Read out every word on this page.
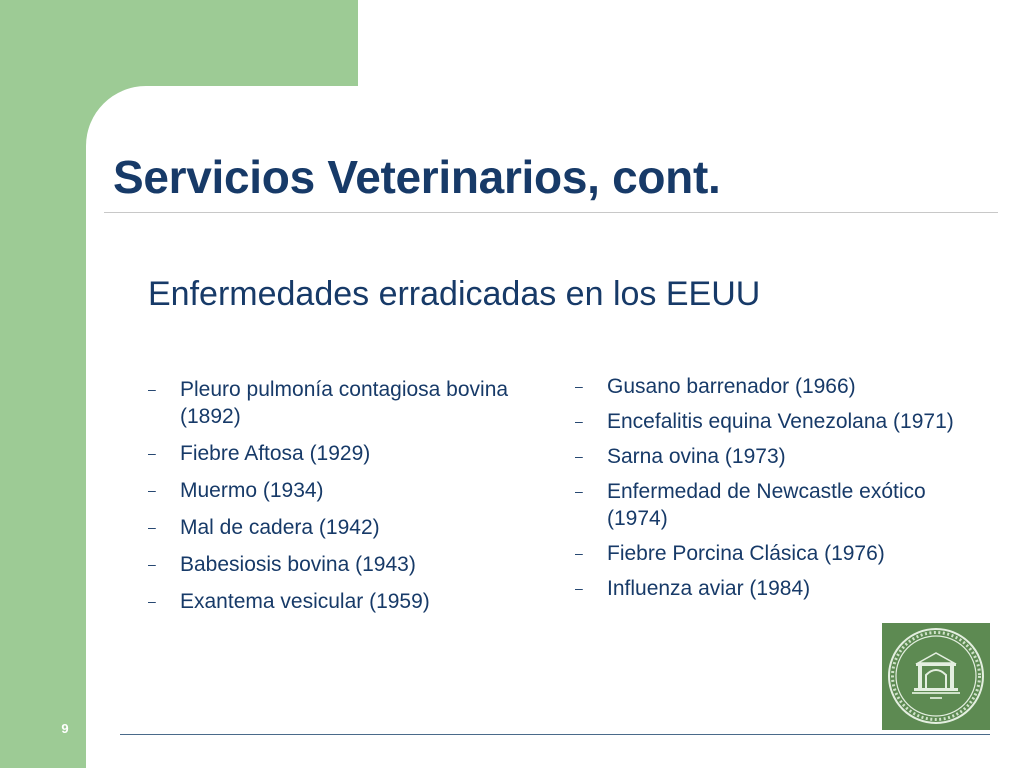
Servicios Veterinarios, cont.
Enfermedades erradicadas en los EEUU
– Pleuro pulmonía contagiosa bovina (1892)
– Fiebre Aftosa (1929)
– Muermo (1934)
– Mal de cadera (1942)
– Babesiosis bovina (1943)
– Exantema vesicular (1959)
– Gusano barrenador (1966)
– Encefalitis equina Venezolana (1971)
– Sarna ovina (1973)
– Enfermedad de Newcastle exótico (1974)
– Fiebre Porcina Clásica (1976)
– Influenza aviar (1984)
9
